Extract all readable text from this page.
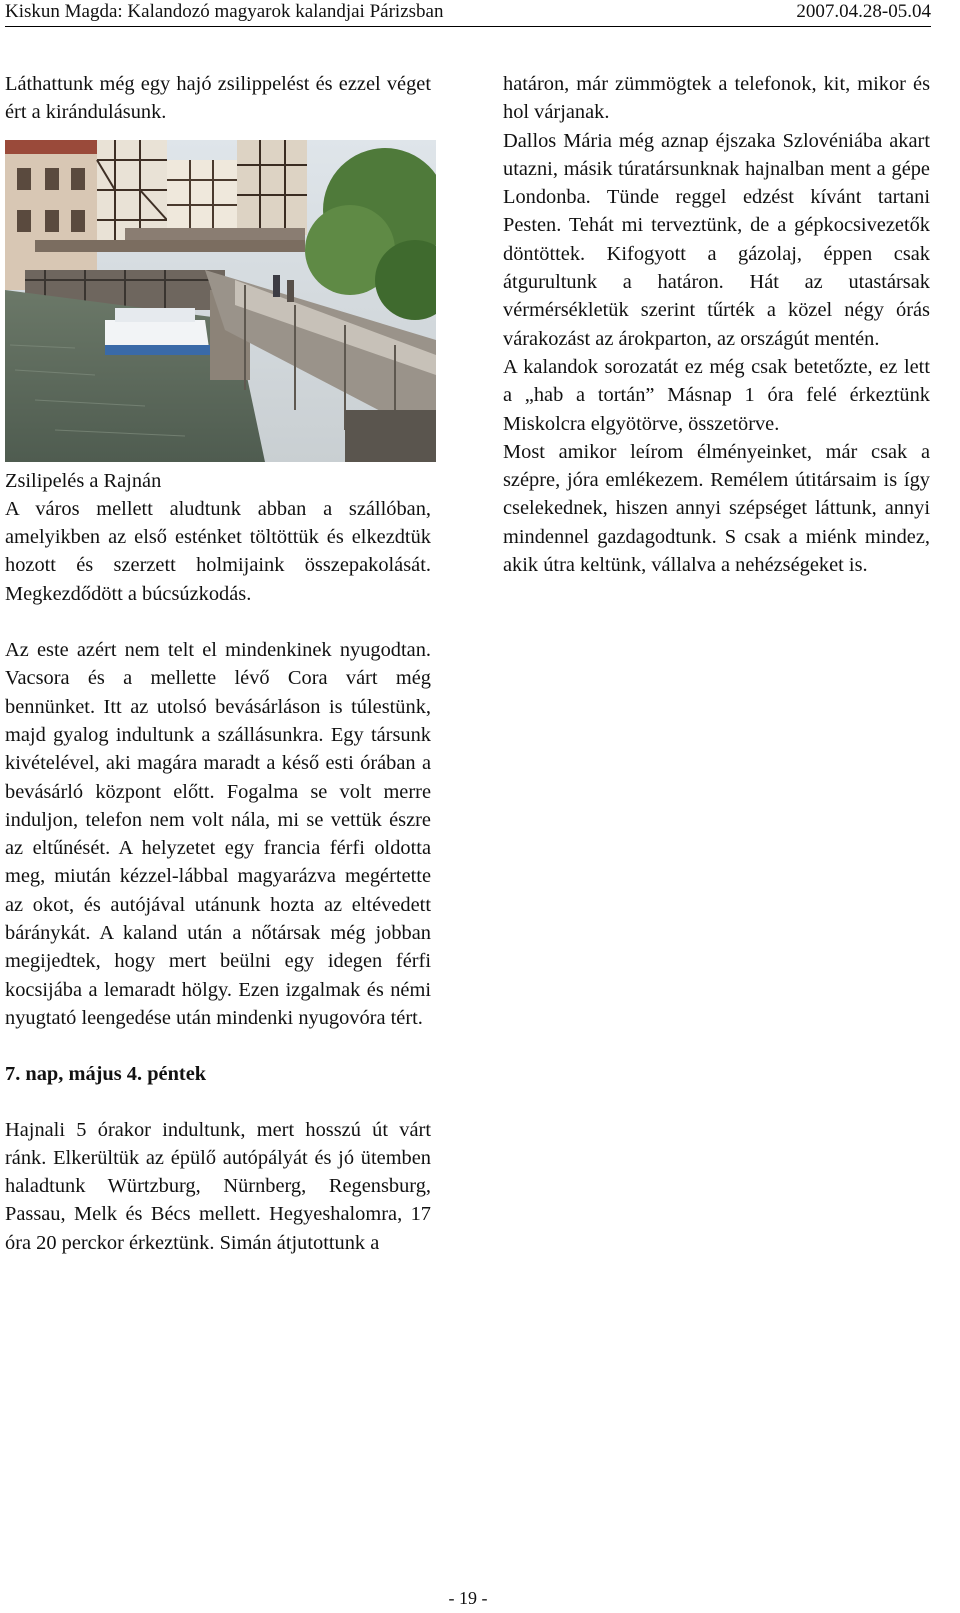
Kiskun Magda: Kalandozó magyarok kalandjai Párizsban	2007.04.28-05.04

Láthattunk még egy hajó zsilippelést és ezzel véget ért a kirándulásunk.

Zsilipelés a Rajnán

A város mellett aludtunk abban a szállóban, amelyikben az első esténket töltöttük és elkezdtük hozott és szerzett holmijaink összepakolását. Megkezdődött a búcsúzkodás.

Az este azért nem telt el mindenkinek nyugodtan. Vacsora és a mellette lévő Cora várt még bennünket. Itt az utolsó bevásárláson is túlestünk, majd gyalog indultunk a szállásunkra. Egy társunk kivételével, aki magára maradt a késő esti órában a bevásárló központ előtt. Fogalma se volt merre induljon, telefon nem volt nála, mi se vettük észre az eltűnését. A helyzetet egy francia férfi oldotta meg, miután kézzel-lábbal magyarázva megértette az okot, és autójával utánunk hozta az eltévedett báránykát. A kaland után a nőtársak még jobban megijedtek, hogy mert beülni egy idegen férfi kocsijába a lemaradt hölgy. Ezen izgalmak és némi nyugtató leengedése után mindenki nyugovóra tért.

7. nap, május 4. péntek

Hajnali 5 órakor indultunk, mert hosszú út várt ránk. Elkerültük az épülő autópályát és jó ütemben haladtunk Würtzburg, Nürnberg, Regensburg, Passau, Melk és Bécs mellett. Hegyeshalomra, 17 óra 20 perckor érkeztünk. Simán átjutottunk a

határon, már zümmögtek a telefonok, kit, mikor és hol várjanak.

Dallos Mária még aznap éjszaka Szlovéniába akart utazni, másik túratársunknak hajnalban ment a gépe Londonba. Tünde reggel edzést kívánt tartani Pesten. Tehát mi terveztünk, de a gépkocsivezetők döntöttek. Kifogyott a gázolaj, éppen csak átgurultunk a határon. Hát az utastársak vérmérsékletük szerint tűrték a közel négy órás várakozást az árokparton, az országút mentén.

A kalandok sorozatát ez még csak betetőzte, ez lett a „hab a tortán” Másnap 1 óra felé érkeztünk Miskolcra elgyötörve, összetörve.

Most amikor leírom élményeinket, már csak a szépre, jóra emlékezem. Remélem útitársaim is így cselekednek, hiszen annyi szépséget láttunk, annyi mindennel gazdagodtunk. S csak a miénk mindez, akik útra keltünk, vállalva a nehézségeket is.

- 19 -
